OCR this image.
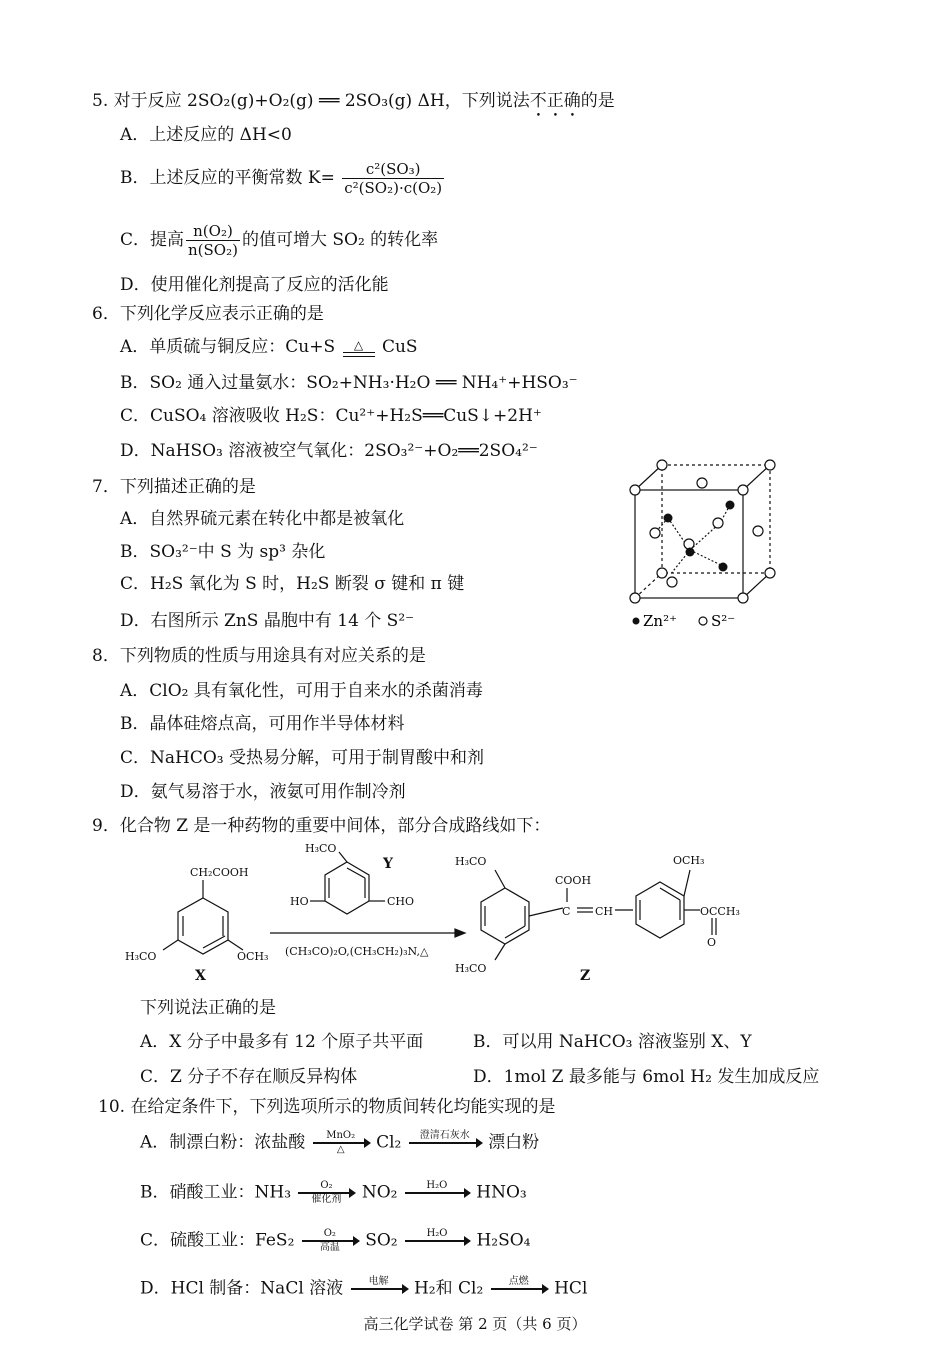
5. 对于反应 2SO₂(g)+O₂(g) ══ 2SO₃(g) ΔH，下列说法不正确的是
A．上述反应的 ΔH<0
B．上述反应的平衡常数 $K= \frac{\text{c²(SO₃)}}{\text{c²(SO₂)·c(O₂)}}$
C．提高 $\frac{\text{n(O₂)}}{\text{n(SO₂)}}$ 的值可增大 SO₂ 的转化率
D．使用催化剂提高了反应的活化能
6．下列化学反应表示正确的是
A．单质硫与铜反应：Cu+S	△	CuS
B．SO₂ 通入过量氨水：SO₂+NH₃·H₂O ══ NH₄⁺+HSO₃⁻
C．CuSO₄ 溶液吸收 H₂S：Cu²⁺+H₂S══CuS↓+2H⁺
D．NaHSO₃ 溶液被空气氧化：2SO₃²⁻+O₂══2SO₄²⁻
7．下列描述正确的是
A．自然界硫元素在转化中都是被氧化
B．SO₃²⁻中 S 为 sp³ 杂化
C．H₂S 氧化为 S 时，H₂S 断裂 σ 键和 π 键
D．右图所示 ZnS 晶胞中有 14 个 S²⁻	Zn²⁺ S²⁻
8．下列物质的性质与用途具有对应关系的是
A．ClO₂ 具有氧化性，可用于自来水的杀菌消毒
B．晶体硅熔点高，可用作半导体材料
C．NaHCO₃ 受热易分解，可用于制胃酸中和剂
D．氨气易溶于水，液氨可用作制冷剂
9．化合物 Z 是一种药物的重要中间体，部分合成路线如下：
CH₂COOH
H₃CO	OCH₃
X
H₃CO
Y
HO	CHO
(CH₃CO)₂O,(CH₃CH₂)₃N,△
H₃CO
H₃CO
COOH
C CH
OCH₃
OCCH₃
O
Z
下列说法正确的是
A．X 分子中最多有 12 个原子共平面	B．可以用 NaHCO₃ 溶液鉴别 X、Y
C．Z 分子不存在顺反异构体	D．1mol Z 最多能与 6mol H₂ 发生加成反应
10. 在给定条件下，下列选项所示的物质间转化均能实现的是
A．制漂白粉：浓盐酸	MnO₂
△	Cl₂	澄清石灰水	漂白粉
B．硝酸工业：NH₃	O₂
催化剂	NO₂	H₂O	HNO₃
C．硫酸工业：FeS₂	O₂
高温	SO₂	H₂O	H₂SO₄
D．HCl 制备：NaCl 溶液	电解	H₂和 Cl₂	点燃	HCl
高三化学试卷 第 2 页（共 6 页）
